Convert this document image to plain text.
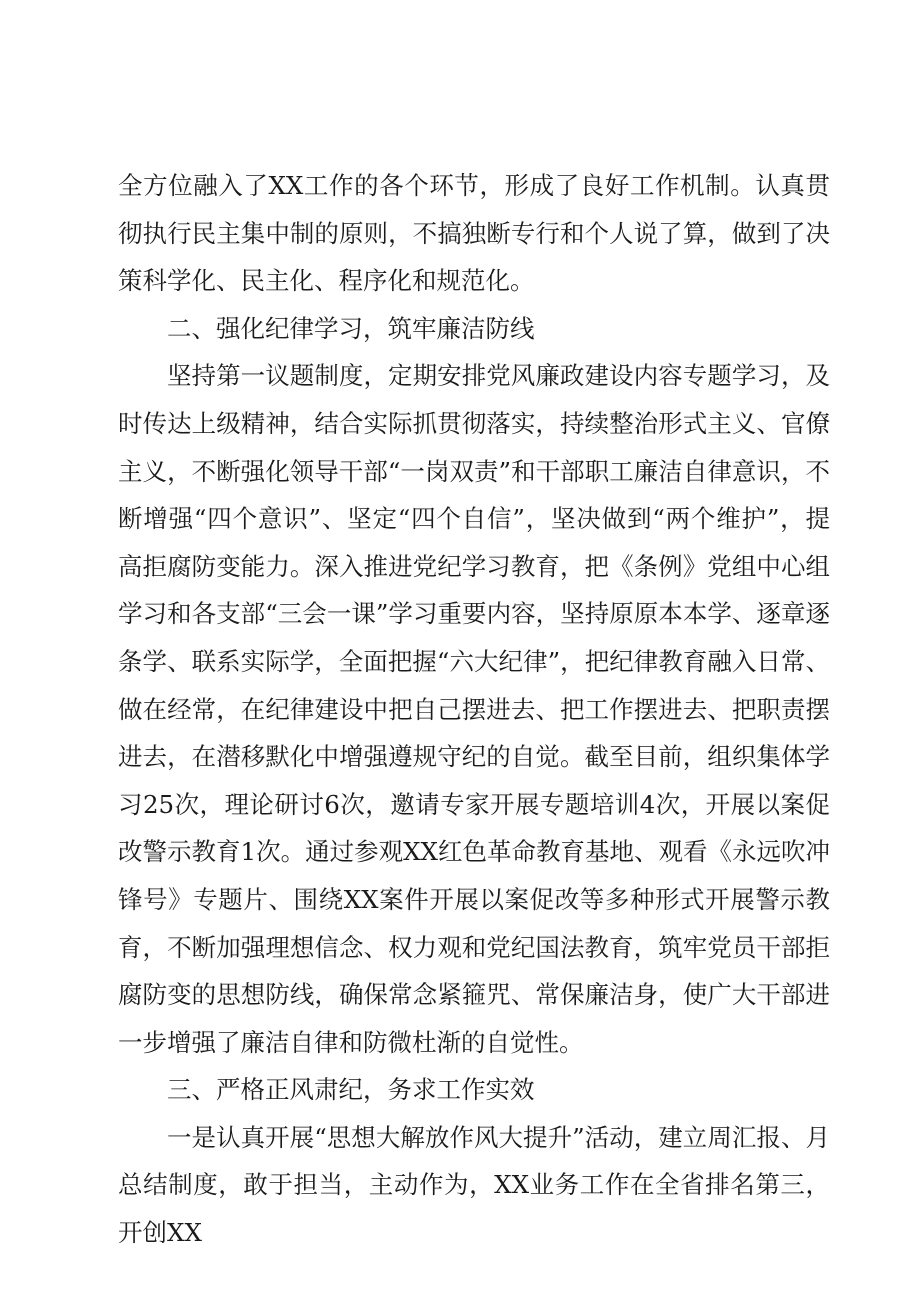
全方位融入了XX工作的各个环节，形成了良好工作机制。认真贯彻执行民主集中制的原则，不搞独断专行和个人说了算，做到了决策科学化、民主化、程序化和规范化。

二、强化纪律学习，筑牢廉洁防线

坚持第一议题制度，定期安排党风廉政建设内容专题学习，及时传达上级精神，结合实际抓贯彻落实，持续整治形式主义、官僚主义，不断强化领导干部“一岗双责”和干部职工廉洁自律意识，不断增强“四个意识”、坚定“四个自信”，坚决做到“两个维护”，提高拒腐防变能力。深入推进党纪学习教育，把《条例》党组中心组学习和各支部“三会一课”学习重要内容，坚持原原本本学、逐章逐条学、联系实际学，全面把握“六大纪律”，把纪律教育融入日常、做在经常，在纪律建设中把自己摆进去、把工作摆进去、把职责摆进去，在潜移默化中增强遵规守纪的自觉。截至目前，组织集体学习25次，理论研讨6次，邀请专家开展专题培训4次，开展以案促改警示教育1次。通过参观XX红色革命教育基地、观看《永远吹冲锋号》专题片、围绕XX案件开展以案促改等多种形式开展警示教育，不断加强理想信念、权力观和党纪国法教育，筑牢党员干部拒腐防变的思想防线，确保常念紧箍咒、常保廉洁身，使广大干部进一步增强了廉洁自律和防微杜渐的自觉性。

三、严格正风肃纪，务求工作实效

一是认真开展“思想大解放作风大提升”活动，建立周汇报、月总结制度，敢于担当，主动作为，XX业务工作在全省排名第三，开创XX
